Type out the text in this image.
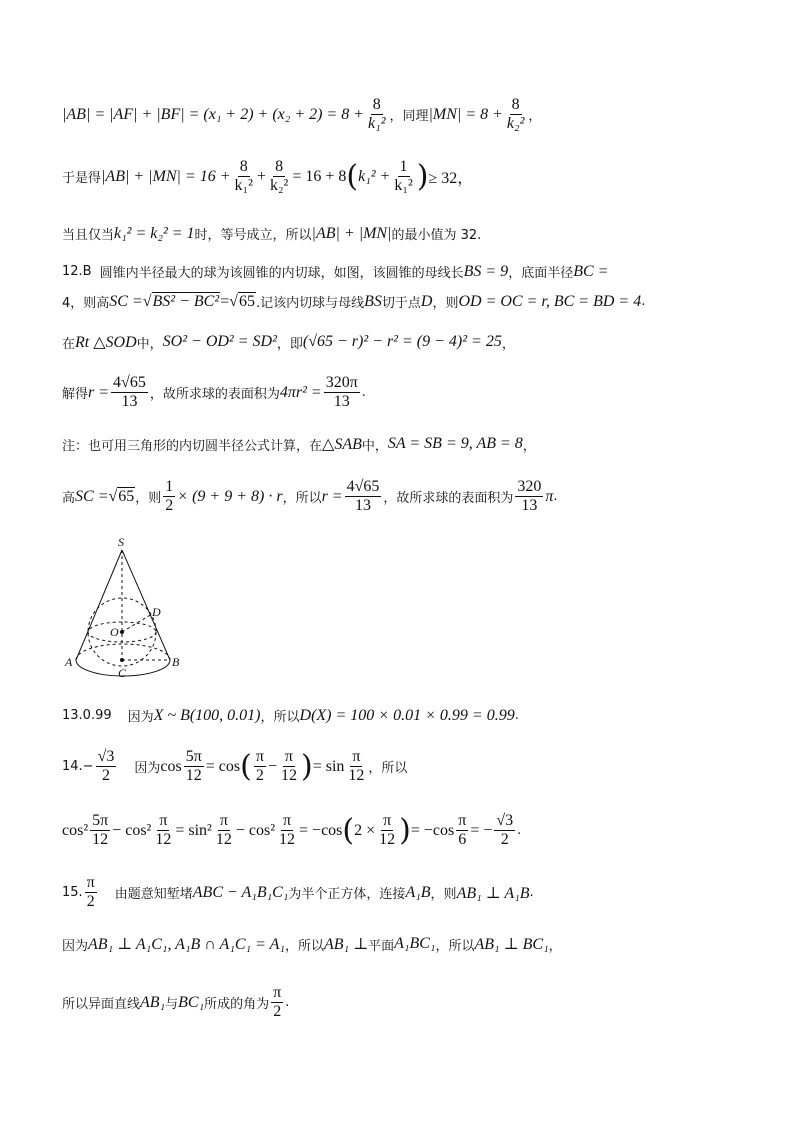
$|AB| = |AF| + |BF| = (x_1 + 2) + (x_2 + 2) = 8 + \frac{8}{\text{k₁²}}$ ，同理 $|MN| = 8 + \frac{8}{\text{k₂²}}$ ，
于是得 $|AB| + |MN| = 16 + \frac{8}{\text{k₁²}} + \frac{8}{\text{k₂²}} = 16 + 8$ ( $k_1^2 + \frac{1}{\text{k₁²}}$ ) ≥ 32，
当且仅当 k₁² = k₂² = 1 时，等号成立，所以 |AB| + |MN| 的最小值为 32.
12.B 圆锥内半径最大的球为该圆锥的内切球，如图，该圆锥的母线长 BS = 9 ，底面半径 BC =
4，则高 SC = √ BS² − BC² = √ 65 .记该内切球与母线 BS 切于点 D ，则 OD = OC = r, BC = BD = 4 .
在 Rt △SOD 中， SO² − OD² = SD² ，即 (√65 − r)² − r² = (9 − 4)² = 25 ，
解得 $r = \frac{4√65}{13}$ ，故所求球的表面积为 $4\pi r^2 = \frac{320\pi}{13}$ .
注：也可用三角形的内切圆半径公式计算，在 △SAB 中， SA = SB = 9, AB = 8 ，
高 SC = √ 65 ，则 $\frac{1}{2} \times (9 + 9 + 8) \cdot r$ ，所以 $r = \frac{4√65}{13}$ ，故所求球的表面积为 $\frac{320}{13}$ π .
S
D
O
A	B
C
13.0.99 因为 X ~ B(100, 0.01) ，所以 D(X) = 100 × 0.01 × 0.99 = 0.99 .
$14.- \frac{√3}{2}$ 因为 $\cos \frac{5\pi}{12} = \cos$ ( $\frac{\pi}{2} - \frac{\pi}{12}$ ) = $\sin \frac{\pi}{12}$ ，所以
$\cos^2 \frac{5\pi}{12} - \cos^2 \frac{\pi}{12} = \sin^2 \frac{\pi}{12} - \cos^2 \frac{\pi}{12} = -\cos$ ( $2 \times \frac{\pi}{12}$ ) = $-\cos \frac{\pi}{6}$ = − $\frac{√3}{2}$ .
15. $\frac{\pi}{2}$ 由题意知堑堵 ABC − A₁B₁C₁ 为半个正方体，连接 A₁B ，则 AB₁ ⊥ A₁B .
因为 AB₁ ⊥ A₁C₁, A₁B ∩ A₁C₁ = A₁ ，所以 AB₁ ⊥ 平面 A₁BC₁ ，所以 AB₁ ⊥ BC₁ ，
所以异面直线 AB₁ 与 BC₁ 所成的角为 $\frac{\pi}{2}$ .
